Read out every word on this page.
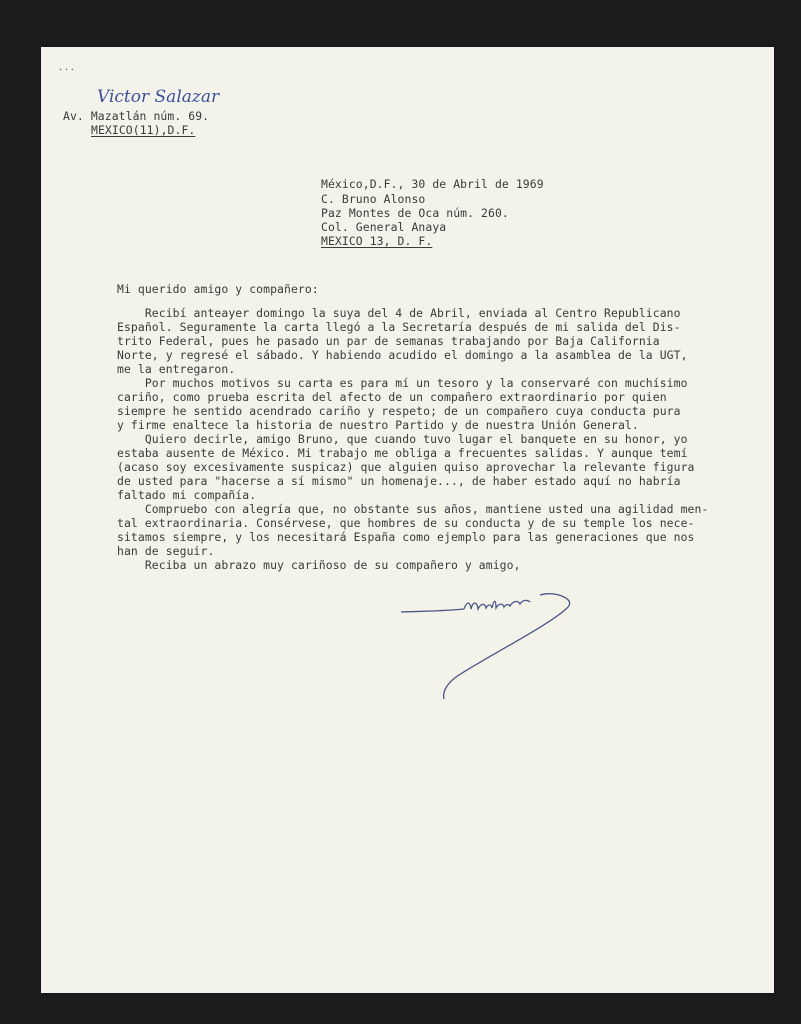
· · ·
Victor Salazar
Av. Mazatlán núm. 69.
MEXICO(11),D.F.
México,D.F., 30 de Abril de 1969
C. Bruno Alonso
Paz Montes de Oca núm. 260.
Col. General Anaya
MEXICO 13, D. F.
Mi querido amigo y compañero:
Recibí anteayer domingo la suya del 4 de Abril, enviada al Centro Republicano
Español. Seguramente la carta llegó a la Secretaría después de mi salida del Dis-
trito Federal, pues he pasado un par de semanas trabajando por Baja California
Norte, y regresé el sábado. Y habiendo acudido el domingo a la asamblea de la UGT,
me la entregaron.
Por muchos motivos su carta es para mí un tesoro y la conservaré con muchísimo
cariño, como prueba escrita del afecto de un compañero extraordinario por quien
siempre he sentido acendrado cariño y respeto; de un compañero cuya conducta pura
y firme enaltece la historia de nuestro Partido y de nuestra Unión General.
Quiero decirle, amigo Bruno, que cuando tuvo lugar el banquete en su honor, yo
estaba ausente de México. Mi trabajo me obliga a frecuentes salidas. Y aunque temí
(acaso soy excesivamente suspicaz) que alguien quiso aprovechar la relevante figura
de usted para "hacerse a sí mismo" un homenaje..., de haber estado aquí no habría
faltado mi compañía.
Compruebo con alegría que, no obstante sus años, mantiene usted una agilidad men-
tal extraordinaria. Consérvese, que hombres de su conducta y de su temple los nece-
sitamos siempre, y los necesitará España como ejemplo para las generaciones que nos
han de seguir.
Reciba un abrazo muy cariñoso de su compañero y amigo,
